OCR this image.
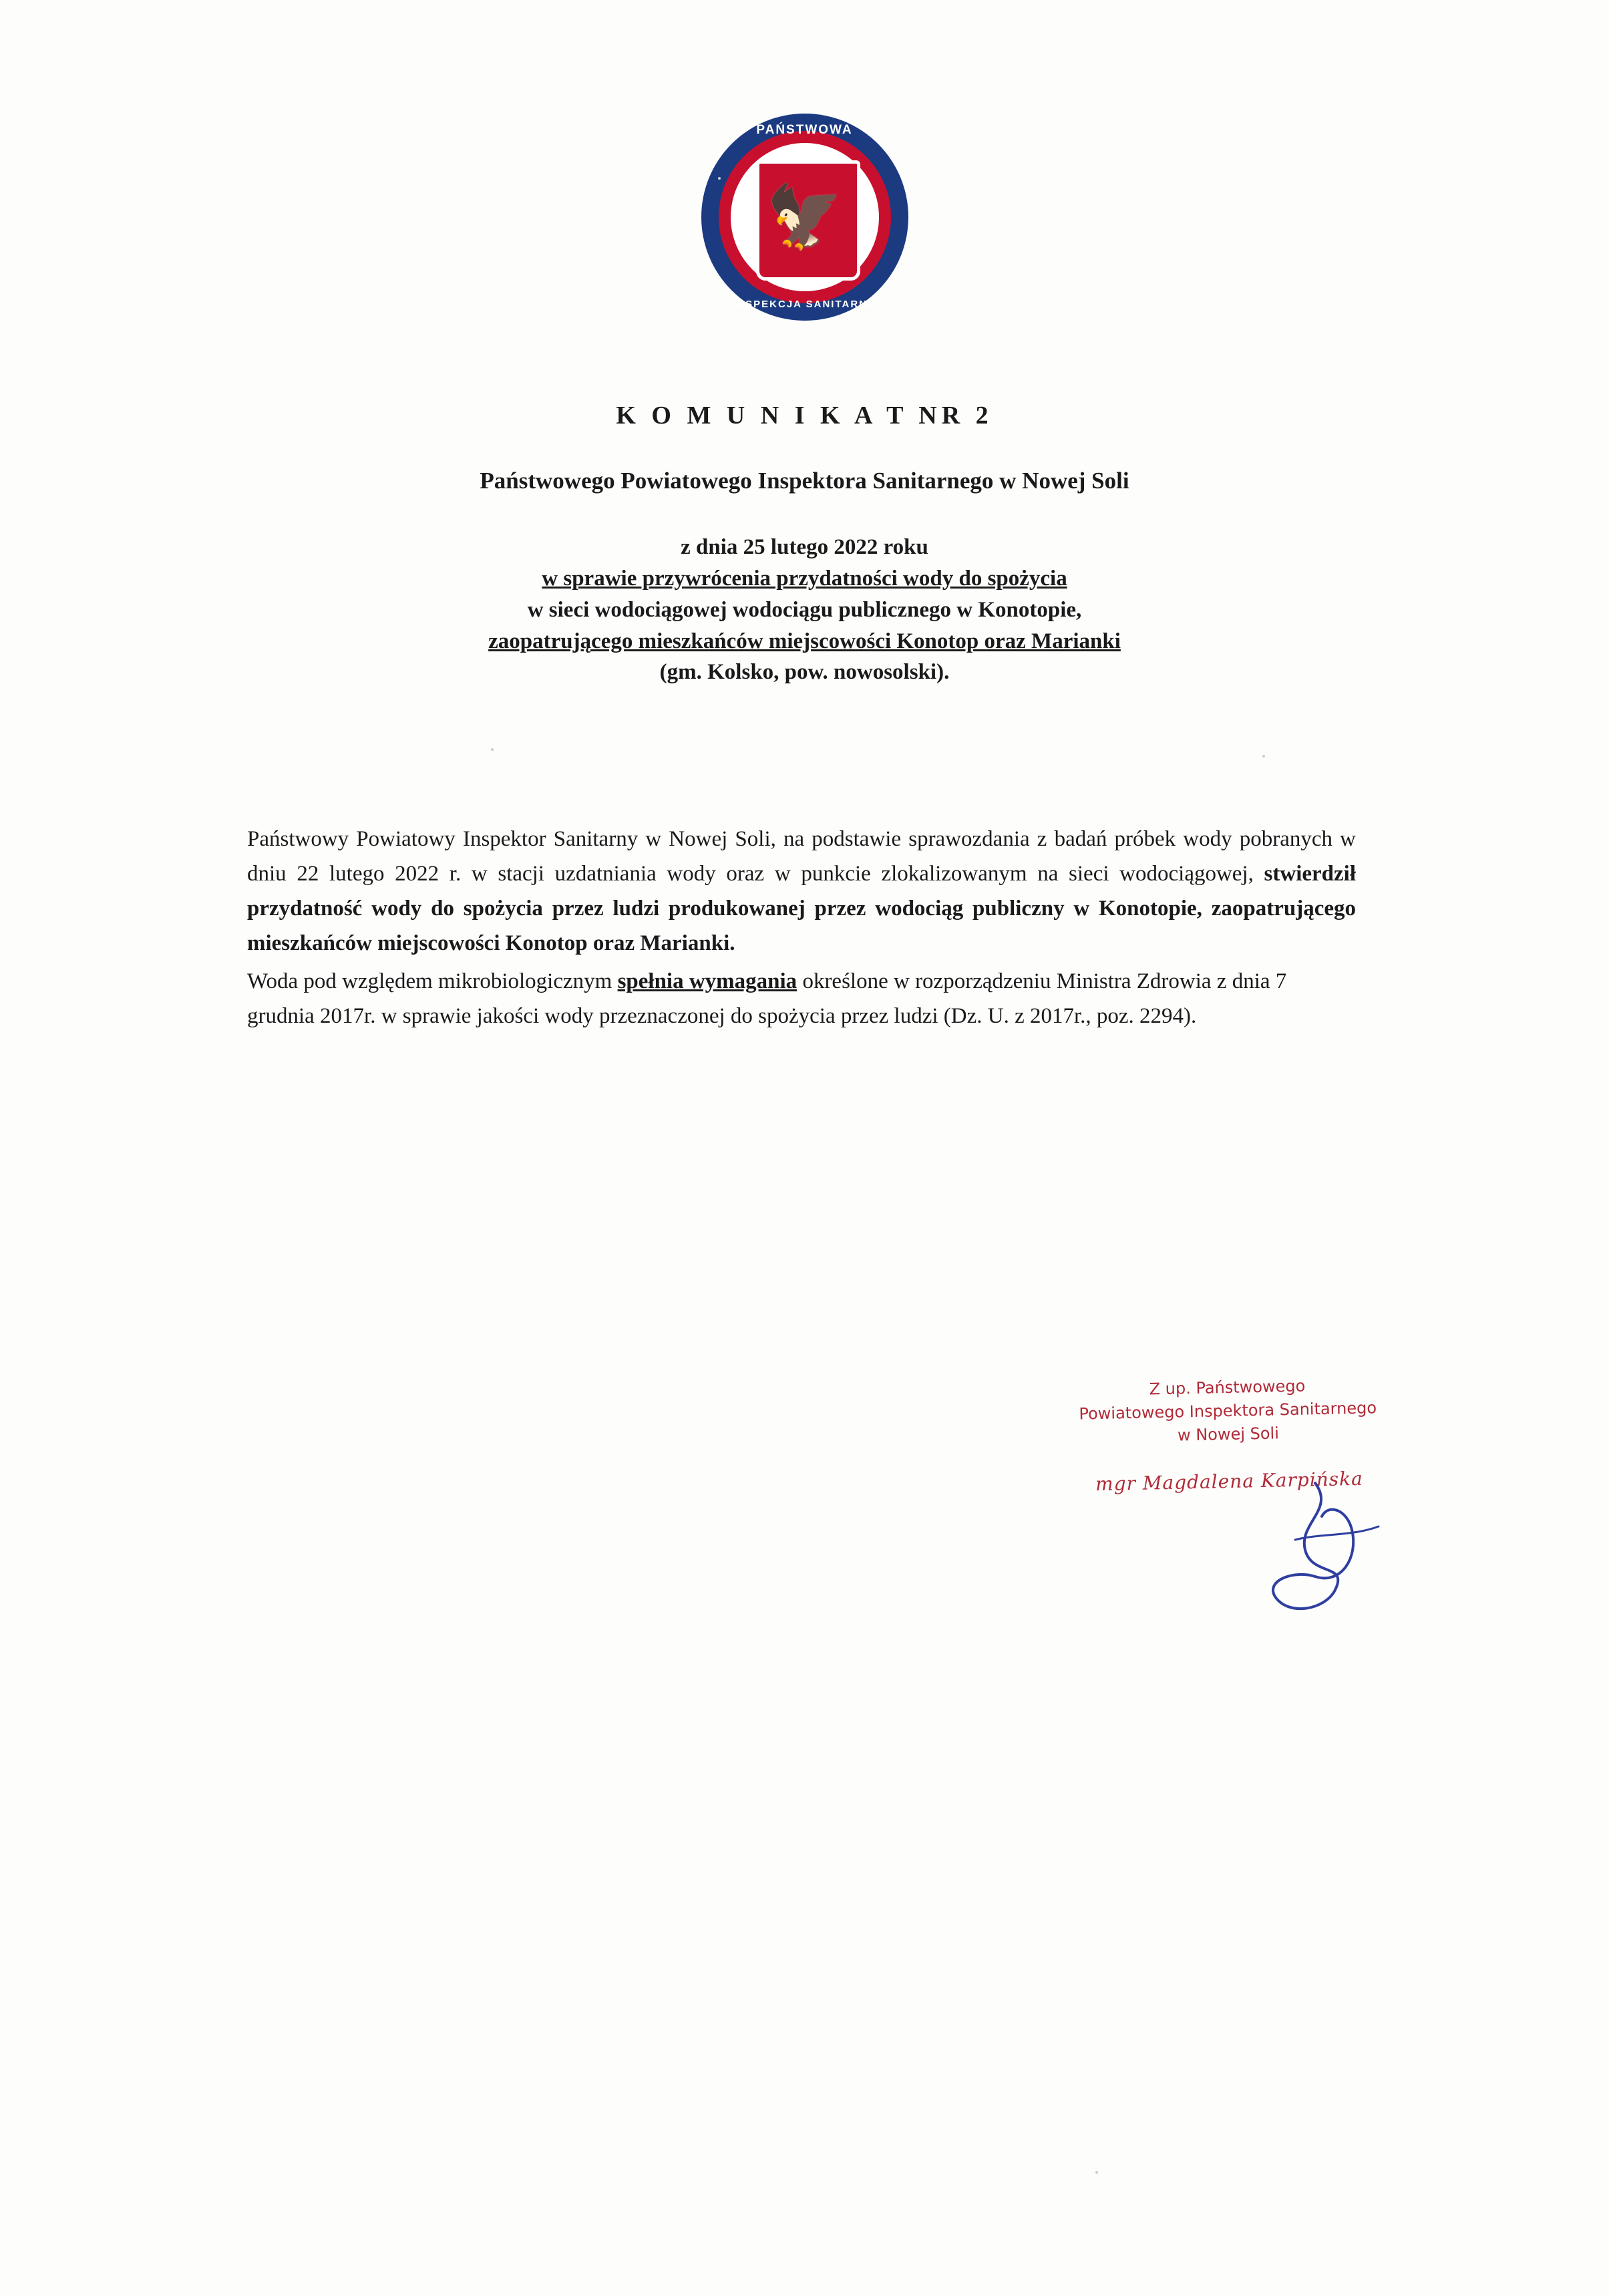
🦅
PAŃSTWOWA
INSPEKCJA SANITARNA
K O M U N I K A T NR 2
Państwowego Powiatowego Inspektora Sanitarnego w Nowej Soli
z dnia 25 lutego 2022 roku
w sprawie przywrócenia przydatności wody do spożycia
w sieci wodociągowej wodociągu publicznego w Konotopie,
zaopatrującego mieszkańców miejscowości Konotop oraz Marianki
(gm. Kolsko, pow. nowosolski).

Państwowy Powiatowy Inspektor Sanitarny w Nowej Soli, na podstawie sprawozdania z badań próbek wody pobranych w dniu 22 lutego 2022 r. w stacji uzdatniania wody oraz w punkcie zlokalizowanym na sieci wodociągowej, stwierdził przydatność wody do spożycia przez ludzi produkowanej przez wodociąg publiczny w Konotopie, zaopatrującego mieszkańców miejscowości Konotop oraz Marianki.

Woda pod względem mikrobiologicznym spełnia wymagania określone w rozporządzeniu Ministra Zdrowia z dnia 7 grudnia 2017r. w sprawie jakości wody przeznaczonej do spożycia przez ludzi (Dz. U. z 2017r., poz. 2294).

Z up. Państwowego
Powiatowego Inspektora Sanitarnego
w Nowej Soli
mgr Magdalena Karpińska
